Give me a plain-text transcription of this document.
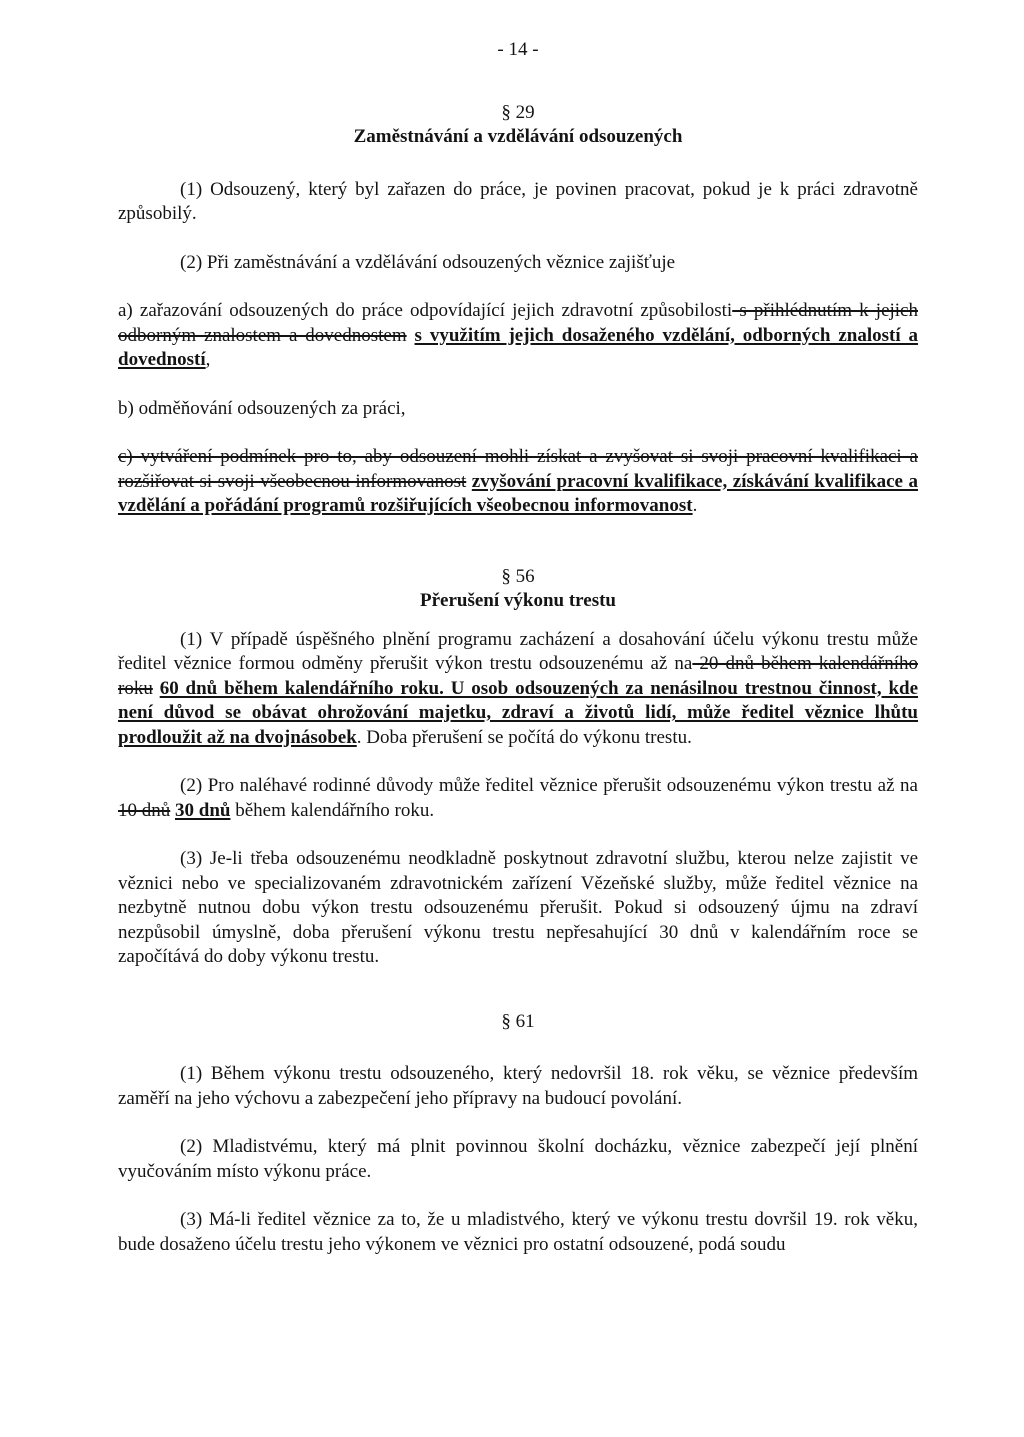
- 14 -
§ 29
Zaměstnávání a vzdělávání odsouzených

(1) Odsouzený, který byl zařazen do práce, je povinen pracovat, pokud je k práci zdravotně způsobilý.

(2) Při zaměstnávání a vzdělávání odsouzených věznice zajišťuje

a) zařazování odsouzených do práce odpovídající jejich zdravotní způsobilosti s přihlédnutím k jejich odborným znalostem a dovednostem s využitím jejich dosaženého vzdělání, odborných znalostí a dovedností,

b) odměňování odsouzených za práci,

c) vytváření podmínek pro to, aby odsouzení mohli získat a zvyšovat si svoji pracovní kvalifikaci a rozšiřovat si svoji všeobecnou informovanost zvyšování pracovní kvalifikace, získávání kvalifikace a vzdělání a pořádání programů rozšiřujících všeobecnou informovanost.

§ 56
Přerušení výkonu trestu

(1) V případě úspěšného plnění programu zacházení a dosahování účelu výkonu trestu může ředitel věznice formou odměny přerušit výkon trestu odsouzenému až na 20 dnů během kalendářního roku 60 dnů během kalendářního roku. U osob odsouzených za nenásilnou trestnou činnost, kde není důvod se obávat ohrožování majetku, zdraví a životů lidí, může ředitel věznice lhůtu prodloužit až na dvojnásobek. Doba přerušení se počítá do výkonu trestu.

(2) Pro naléhavé rodinné důvody může ředitel věznice přerušit odsouzenému výkon trestu až na 10 dnů 30 dnů během kalendářního roku.

(3) Je-li třeba odsouzenému neodkladně poskytnout zdravotní službu, kterou nelze zajistit ve věznici nebo ve specializovaném zdravotnickém zařízení Vězeňské služby, může ředitel věznice na nezbytně nutnou dobu výkon trestu odsouzenému přerušit. Pokud si odsouzený újmu na zdraví nezpůsobil úmyslně, doba přerušení výkonu trestu nepřesahující 30 dnů v kalendářním roce se započítává do doby výkonu trestu.

§ 61

(1) Během výkonu trestu odsouzeného, který nedovršil 18. rok věku, se věznice především zaměří na jeho výchovu a zabezpečení jeho přípravy na budoucí povolání.

(2) Mladistvému, který má plnit povinnou školní docházku, věznice zabezpečí její plnění vyučováním místo výkonu práce.

(3) Má-li ředitel věznice za to, že u mladistvého, který ve výkonu trestu dovršil 19. rok věku, bude dosaženo účelu trestu jeho výkonem ve věznici pro ostatní odsouzené, podá soudu
